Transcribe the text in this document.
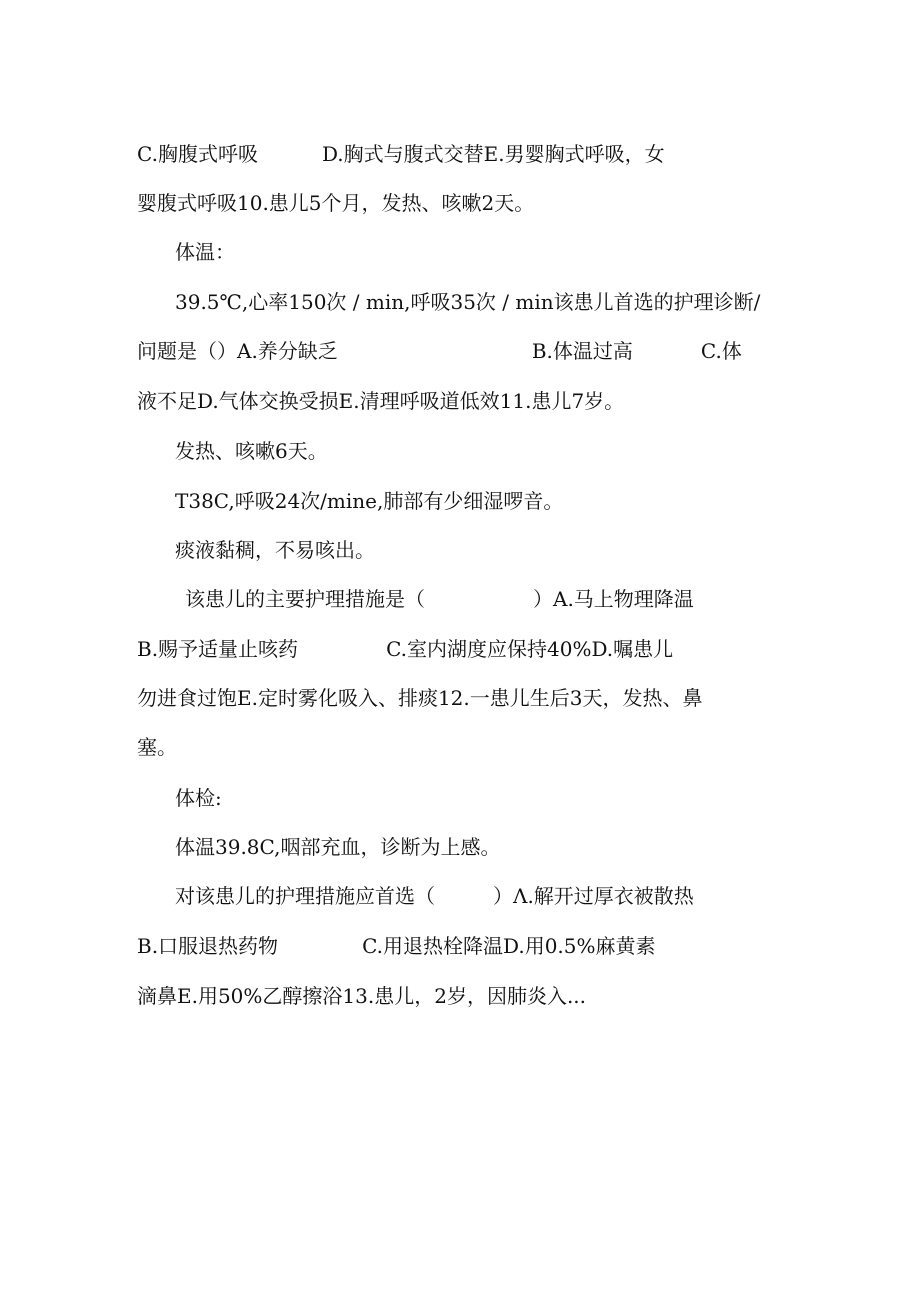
C.胸腹式呼吸	D.胸式与腹式交替E.男婴胸式呼吸，女
婴腹式呼吸10.患儿5个月，发热、咳嗽2天。
体温：
39.5℃,心率150次 / min,呼吸35次 / min该患儿首选的护理诊断/
问题是（）A.养分缺乏	B.体温过高	C.体
液不足D.气体交换受损E.清理呼吸道低效11.患儿7岁。
发热、咳嗽6天。
T38C,呼吸24次/mine,肺部有少细湿啰音。
痰液黏稠，不易咳出。
该患儿的主要护理措施是（	）A.马上物理降温
B.赐予适量止咳药	C.室内湖度应保持40%D.嘱患儿
勿进食过饱E.定时雾化吸入、排痰12.一患儿生后3天，发热、鼻
塞。
体检:
体温39.8C,咽部充血，诊断为上感。
对该患儿的护理措施应首选（	）Λ.解开过厚衣被散热
B.口服退热药物	C.用退热栓降温D.用0.5%麻黄素
滴鼻E.用50%乙醇擦浴13.患儿，2岁，因肺炎入...
